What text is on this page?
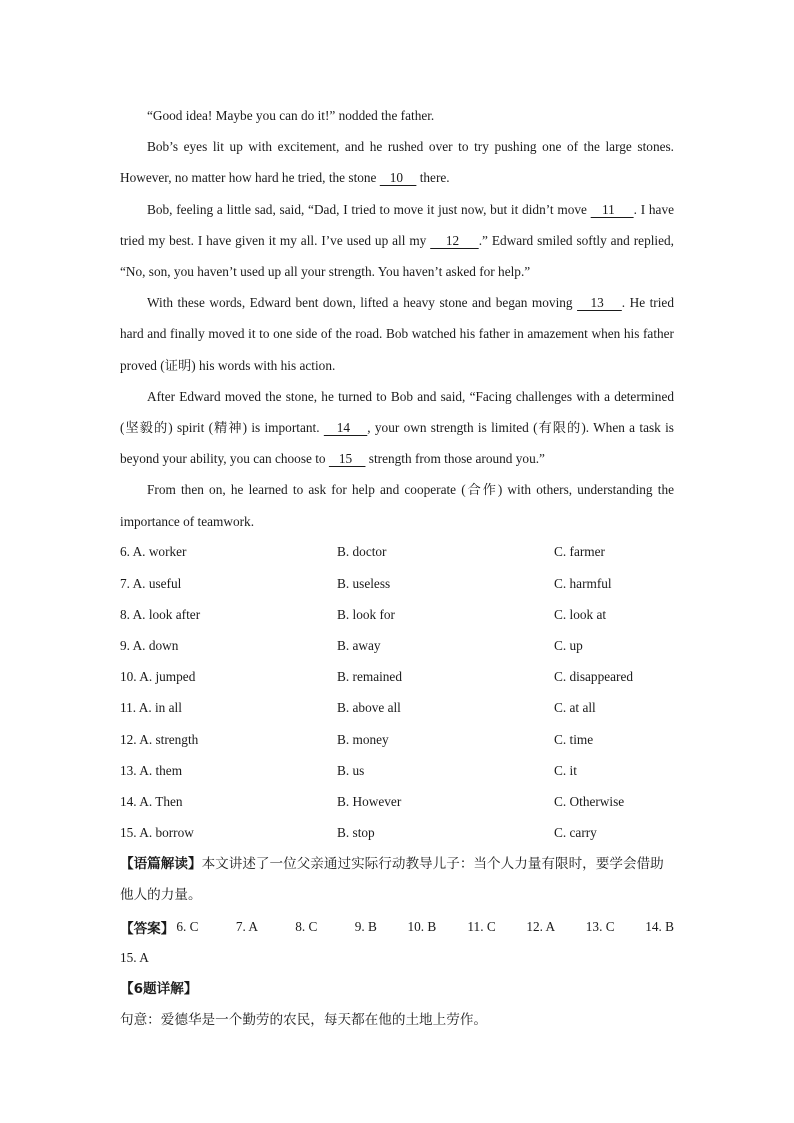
“Good idea! Maybe you can do it!” nodded the father.

Bob’s eyes lit up with excitement, and he rushed over to try pushing one of the large stones. However, no matter how hard he tried, the stone    10     there.

Bob, feeling a little sad, said, “Dad, I tried to move it just now, but it didn’t move    11     . I have tried my best. I have given it my all. I’ve used up all my     12     .” Edward smiled softly and replied, “No, son, you haven’t used up all your strength. You haven’t asked for help.”

With these words, Edward bent down, lifted a heavy stone and began moving    13    . He tried hard and finally moved it to one side of the road. Bob watched his father in amazement when his father proved (证明) his words with his action.

After Edward moved the stone, he turned to Bob and said, “Facing challenges with a determined (坚毅的) spirit (精神) is important.    14    , your own strength is limited (有限的). When a task is beyond your ability, you can choose to    15     strength from those around you.”

From then on, he learned to ask for help and cooperate (合作) with others, understanding the importance of teamwork.

6. A. worker	B. doctor	C. farmer
7. A. useful	B. useless	C. harmful
8. A. look after	B. look for	C. look at
9. A. down	B. away	C. up
10. A. jumped	B. remained	C. disappeared
11. A. in all	B. above all	C. at all
12. A. strength	B. money	C. time
13. A. them	B. us	C. it
14. A. Then	B. However	C. Otherwise
15. A. borrow	B. stop	C. carry

【语篇解读】本文讲述了一位父亲通过实际行动教导儿子：当个人力量有限时，要学会借助他人的力量。

【答案】 6. C	7. A	8. C	9. B	10. B	11. C	12. A	13. C	14. B

15. A

【6题详解】

句意：爱德华是一个勤劳的农民，每天都在他的土地上劳作。
